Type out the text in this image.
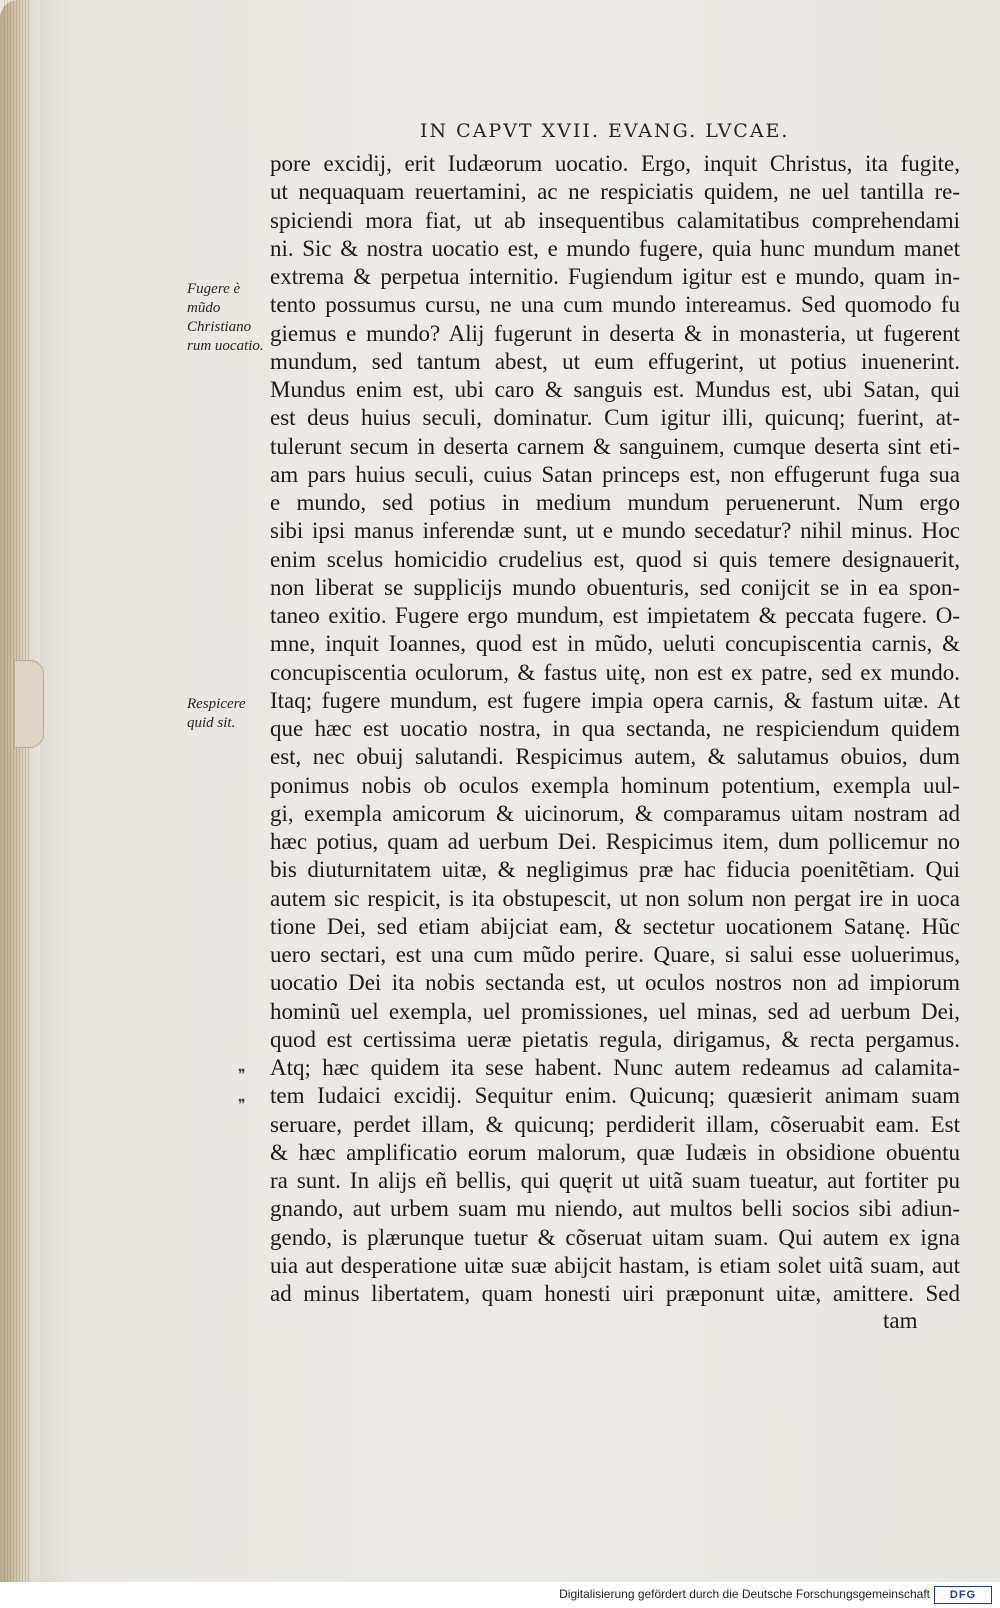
IN CAPVT XVII. EVANG. LVCAE.
Fugere è mũdo Christiano rum uocatio.
Respicere quid sit.
❞
❞
pore excidij, erit Iudæorum uocatio. Ergo, inquit Christus, ita fugite,
ut nequaquam reuertamini, ac ne respiciatis quidem, ne uel tantilla re-
spiciendi mora fiat, ut ab insequentibus calamitatibus comprehendami
ni. Sic & nostra uocatio est, e mundo fugere, quia hunc mundum manet
extrema & perpetua internitio. Fugiendum igitur est e mundo, quam in-
tento possumus cursu, ne una cum mundo intereamus. Sed quomodo fu
giemus e mundo? Alij fugerunt in deserta & in monasteria, ut fugerent
mundum, sed tantum abest, ut eum effugerint, ut potius inuenerint.
Mundus enim est, ubi caro & sanguis est. Mundus est, ubi Satan, qui
est deus huius seculi, dominatur. Cum igitur illi, quicunq; fuerint, at-
tulerunt secum in deserta carnem & sanguinem, cumque deserta sint eti-
am pars huius seculi, cuius Satan princeps est, non effugerunt fuga sua
e mundo, sed potius in medium mundum peruenerunt. Num ergo
sibi ipsi manus inferendæ sunt, ut e mundo secedatur? nihil minus. Hoc
enim scelus homicidio crudelius est, quod si quis temere designauerit,
non liberat se supplicijs mundo obuenturis, sed conijcit se in ea spon-
taneo exitio. Fugere ergo mundum, est impietatem & peccata fugere. O-
mne, inquit Ioannes, quod est in mũdo, ueluti concupiscentia carnis, &
concupiscentia oculorum, & fastus uitę, non est ex patre, sed ex mundo.
Itaq; fugere mundum, est fugere impia opera carnis, & fastum uitæ. At
que hæc est uocatio nostra, in qua sectanda, ne respiciendum quidem
est, nec obuij salutandi. Respicimus autem, & salutamus obuios, dum
ponimus nobis ob oculos exempla hominum potentium, exempla uul-
gi, exempla amicorum & uicinorum, & comparamus uitam nostram ad
hæc potius, quam ad uerbum Dei. Respicimus item, dum pollicemur no
bis diuturnitatem uitæ, & negligimus præ hac fiducia poenitẽtiam. Qui
autem sic respicit, is ita obstupescit, ut non solum non pergat ire in uoca
tione Dei, sed etiam abijciat eam, & sectetur uocationem Satanę. Hũc
uero sectari, est una cum mũdo perire. Quare, si salui esse uoluerimus,
uocatio Dei ita nobis sectanda est, ut oculos nostros non ad impiorum
hominũ uel exempla, uel promissiones, uel minas, sed ad uerbum Dei,
quod est certissima ueræ pietatis regula, dirigamus, & recta pergamus.
Atq; hæc quidem ita sese habent. Nunc autem redeamus ad calamita-
tem Iudaici excidij. Sequitur enim. Quicunq; quæsierit animam suam
seruare, perdet illam, & quicunq; perdiderit illam, cõseruabit eam. Est
& hæc amplificatio eorum malorum, quæ Iudæis in obsidione obuentu
ra sunt. In alijs eñ bellis, qui quęrit ut uitã suam tueatur, aut fortiter pu
gnando, aut urbem suam mu niendo, aut multos belli socios sibi adiun-
gendo, is plærunque tuetur & cõseruat uitam suam. Qui autem ex igna
uia aut desperatione uitæ suæ abijcit hastam, is etiam solet uitã suam, aut
ad minus libertatem, quam honesti uiri præponunt uitæ, amittere. Sed
tam
Digitalisierung gefördert durch die Deutsche Forschungsgemeinschaft	DFG
